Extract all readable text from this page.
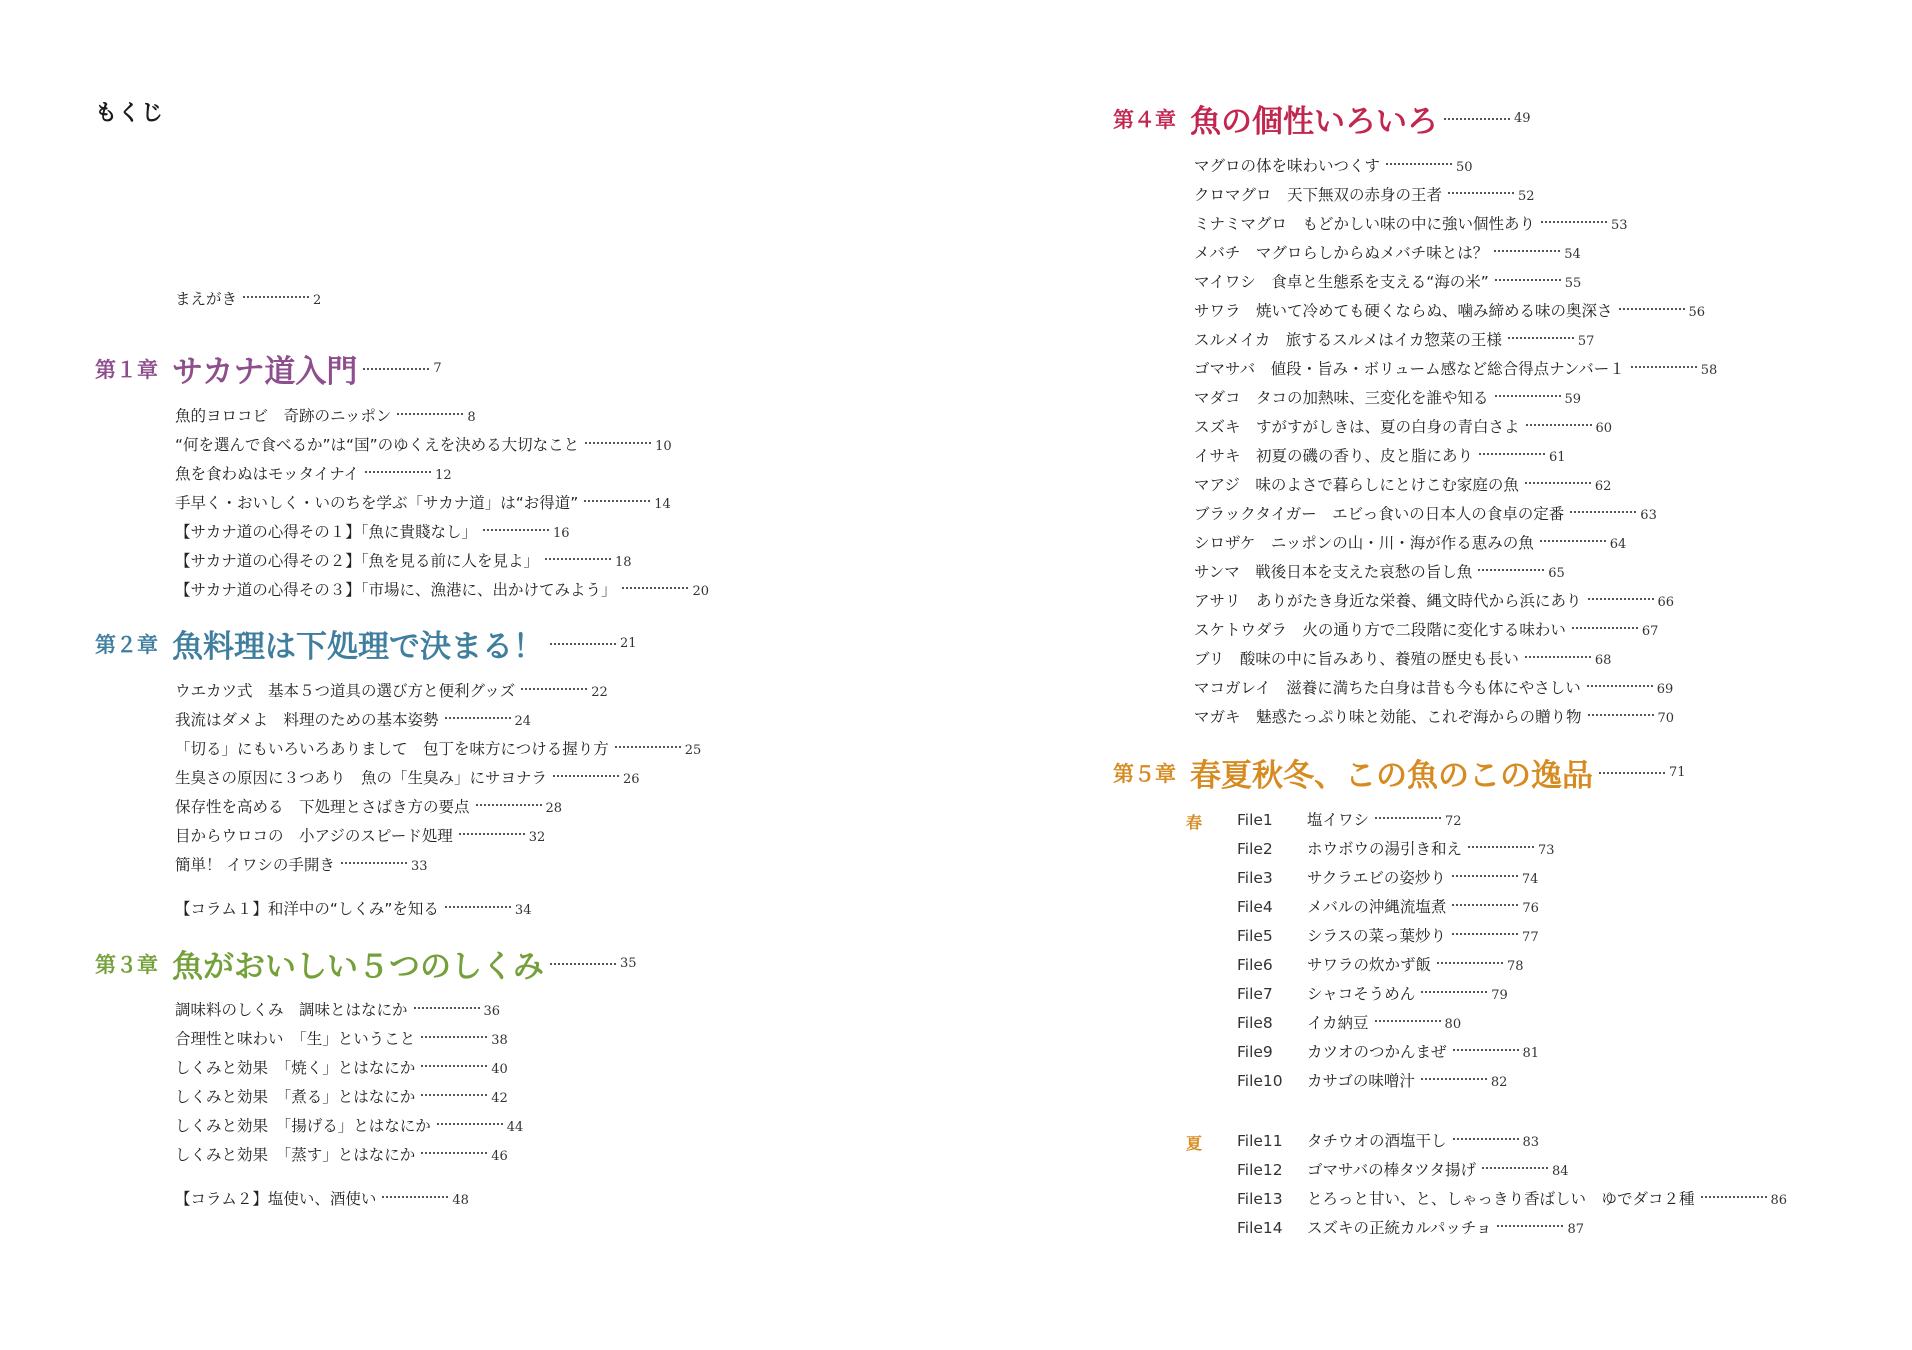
もくじ
まえがき	2
第１章 サカナ道入門	7
魚的ヨロコビ　奇跡のニッポン	8
“何を選んで食べるか”は“国”のゆくえを決める大切なこと	10
魚を食わぬはモッタイナイ	12
手早く・おいしく・いのちを学ぶ「サカナ道」は“お得道”	14
【サカナ道の心得その１】「魚に貴賤なし」	16
【サカナ道の心得その２】「魚を見る前に人を見よ」	18
【サカナ道の心得その３】「市場に、漁港に、出かけてみよう」	20
第２章 魚料理は下処理で決まる！	21
ウエカツ式　基本５つ道具の選び方と便利グッズ	22
我流はダメよ　料理のための基本姿勢	24
「切る」にもいろいろありまして　包丁を味方につける握り方	25
生臭さの原因に３つあり　魚の「生臭み」にサヨナラ	26
保存性を高める　下処理とさばき方の要点	28
目からウロコの　小アジのスピード処理	32
簡単！ イワシの手開き	33
【コラム１】和洋中の“しくみ”を知る	34
第３章 魚がおいしい５つのしくみ	35
調味料のしくみ　調味とはなにか	36
合理性と味わい　「生」ということ	38
しくみと効果　「焼く」とはなにか	40
しくみと効果　「煮る」とはなにか	42
しくみと効果　「揚げる」とはなにか	44
しくみと効果　「蒸す」とはなにか	46
【コラム２】塩使い、酒使い	48
第４章 魚の個性いろいろ	49
マグロの体を味わいつくす	50
クロマグロ　天下無双の赤身の王者	52
ミナミマグロ　もどかしい味の中に強い個性あり	53
メバチ　マグロらしからぬメバチ味とは？	54
マイワシ　食卓と生態系を支える“海の米”	55
サワラ　焼いて冷めても硬くならぬ、噛み締める味の奥深さ	56
スルメイカ　旅するスルメはイカ惣菜の王様	57
ゴマサバ　値段・旨み・ボリューム感など総合得点ナンバー１	58
マダコ　タコの加熱味、三変化を誰や知る	59
スズキ　すがすがしきは、夏の白身の青白さよ	60
イサキ　初夏の磯の香り、皮と脂にあり	61
マアジ　味のよさで暮らしにとけこむ家庭の魚	62
ブラックタイガー　エビっ食いの日本人の食卓の定番	63
シロザケ　ニッポンの山・川・海が作る恵みの魚	64
サンマ　戦後日本を支えた哀愁の旨し魚	65
アサリ　ありがたき身近な栄養、縄文時代から浜にあり	66
スケトウダラ　火の通り方で二段階に変化する味わい	67
ブリ　酸味の中に旨みあり、養殖の歴史も長い	68
マコガレイ　滋養に満ちた白身は昔も今も体にやさしい	69
マガキ　魅惑たっぷり味と効能、これぞ海からの贈り物	70
第５章 春夏秋冬、この魚のこの逸品	71
春 File1 塩イワシ	72
File2 ホウボウの湯引き和え	73
File3 サクラエビの姿炒り	74
File4 メバルの沖縄流塩煮	76
File5 シラスの菜っ葉炒り	77
File6 サワラの炊かず飯	78
File7 シャコそうめん	79
File8 イカ納豆	80
File9 カツオのつかんまぜ	81
File10 カサゴの味噌汁	82
夏 File11 タチウオの酒塩干し	83
File12 ゴマサバの棒タツタ揚げ	84
File13 とろっと甘い、と、しゃっきり香ばしい　ゆでダコ２種	86
File14 スズキの正統カルパッチョ	87
